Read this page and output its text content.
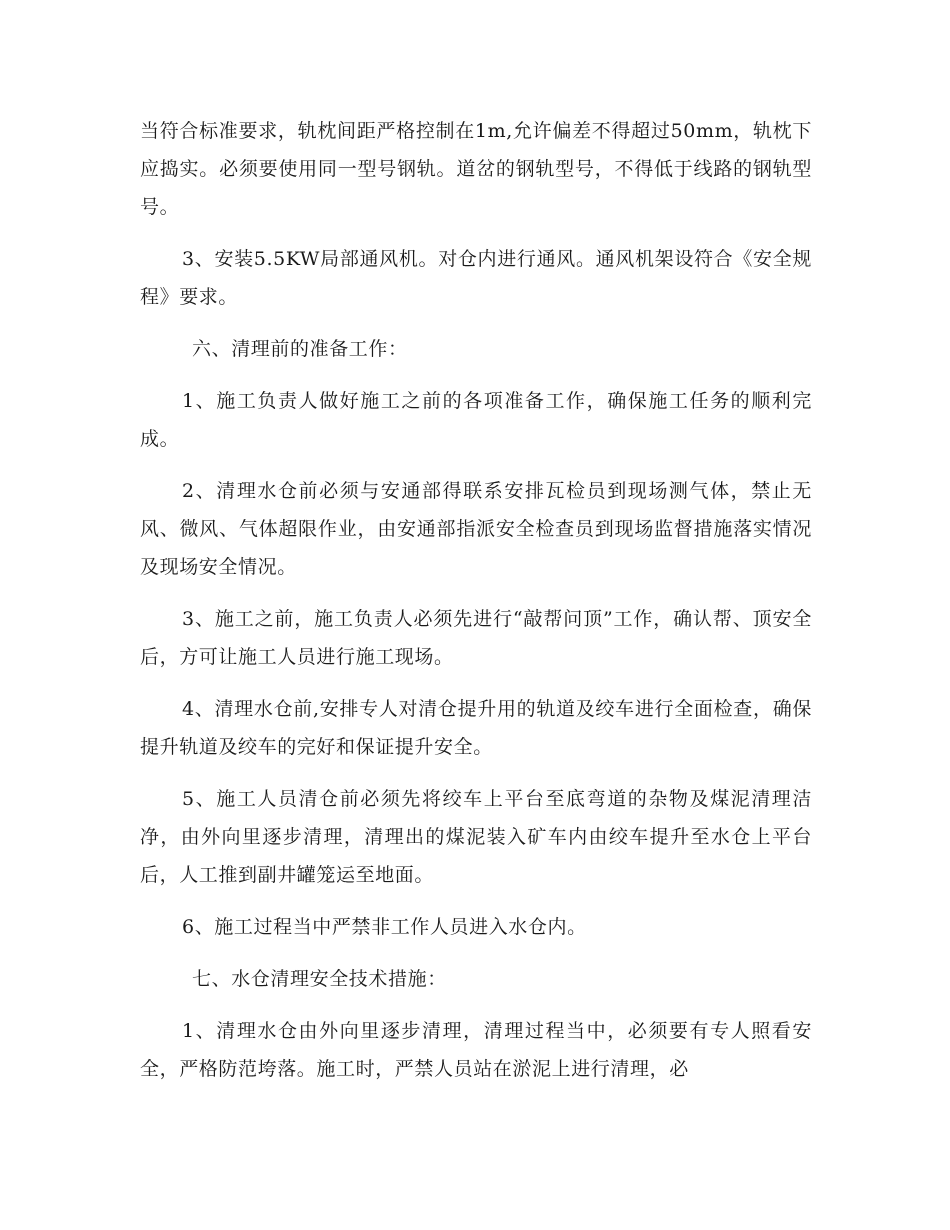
当符合标准要求，轨枕间距严格控制在1m,允许偏差不得超过50mm，轨枕下应捣实。必须要使用同一型号钢轨。道岔的钢轨型号，不得低于线路的钢轨型号。

3、安装5.5KW局部通风机。对仓内进行通风。通风机架设符合《安全规程》要求。

六、清理前的准备工作：

1、施工负责人做好施工之前的各项准备工作，确保施工任务的顺利完成。

2、清理水仓前必须与安通部得联系安排瓦检员到现场测气体，禁止无风、微风、气体超限作业，由安通部指派安全检查员到现场监督措施落实情况及现场安全情况。

3、施工之前，施工负责人必须先进行“敲帮问顶”工作，确认帮、顶安全后，方可让施工人员进行施工现场。

4、清理水仓前,安排专人对清仓提升用的轨道及绞车进行全面检查，确保提升轨道及绞车的完好和保证提升安全。

5、施工人员清仓前必须先将绞车上平台至底弯道的杂物及煤泥清理洁净，由外向里逐步清理，清理出的煤泥装入矿车内由绞车提升至水仓上平台后，人工推到副井罐笼运至地面。

6、施工过程当中严禁非工作人员进入水仓内。

七、水仓清理安全技术措施：

1、清理水仓由外向里逐步清理，清理过程当中，必须要有专人照看安全，严格防范垮落。施工时，严禁人员站在淤泥上进行清理，必
